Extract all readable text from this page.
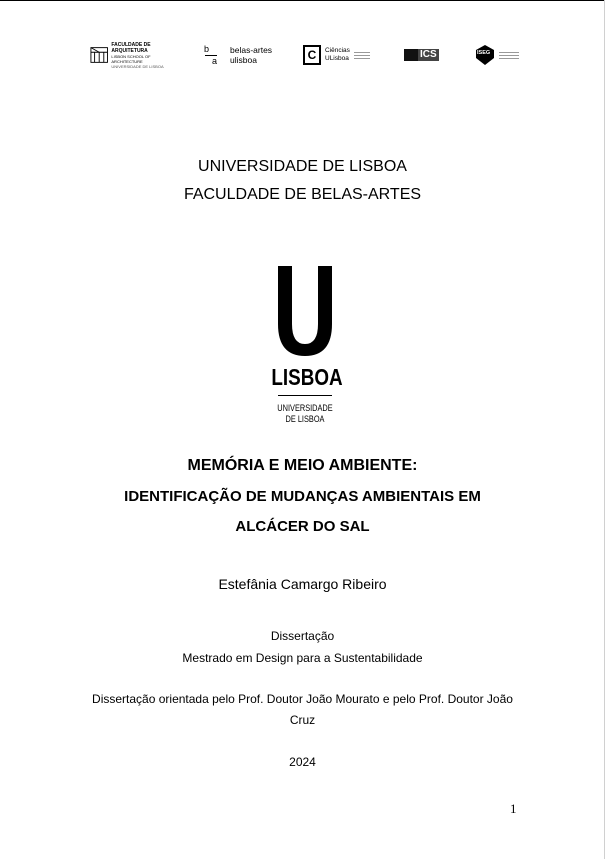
FACULDADE DE ARQUITETURA
LISBON SCHOOL OF ARCHITECTURE
UNIVERSIDADE DE LISBOA
b
a
belas-artes
ulisboa	C	Ciências
ULisboa	ICS	ISEG
UNIVERSIDADE DE LISBOA
FACULDADE DE BELAS-ARTES
LISBOA
UNIVERSIDADE
DE LISBOA
MEMÓRIA E MEIO AMBIENTE:
IDENTIFICAÇÃO DE MUDANÇAS AMBIENTAIS EM
ALCÁCER DO SAL
Estefânia Camargo Ribeiro
Dissertação
Mestrado em Design para a Sustentabilidade
Dissertação orientada pelo Prof. Doutor João Mourato e pelo Prof. Doutor João
Cruz
2024
1
